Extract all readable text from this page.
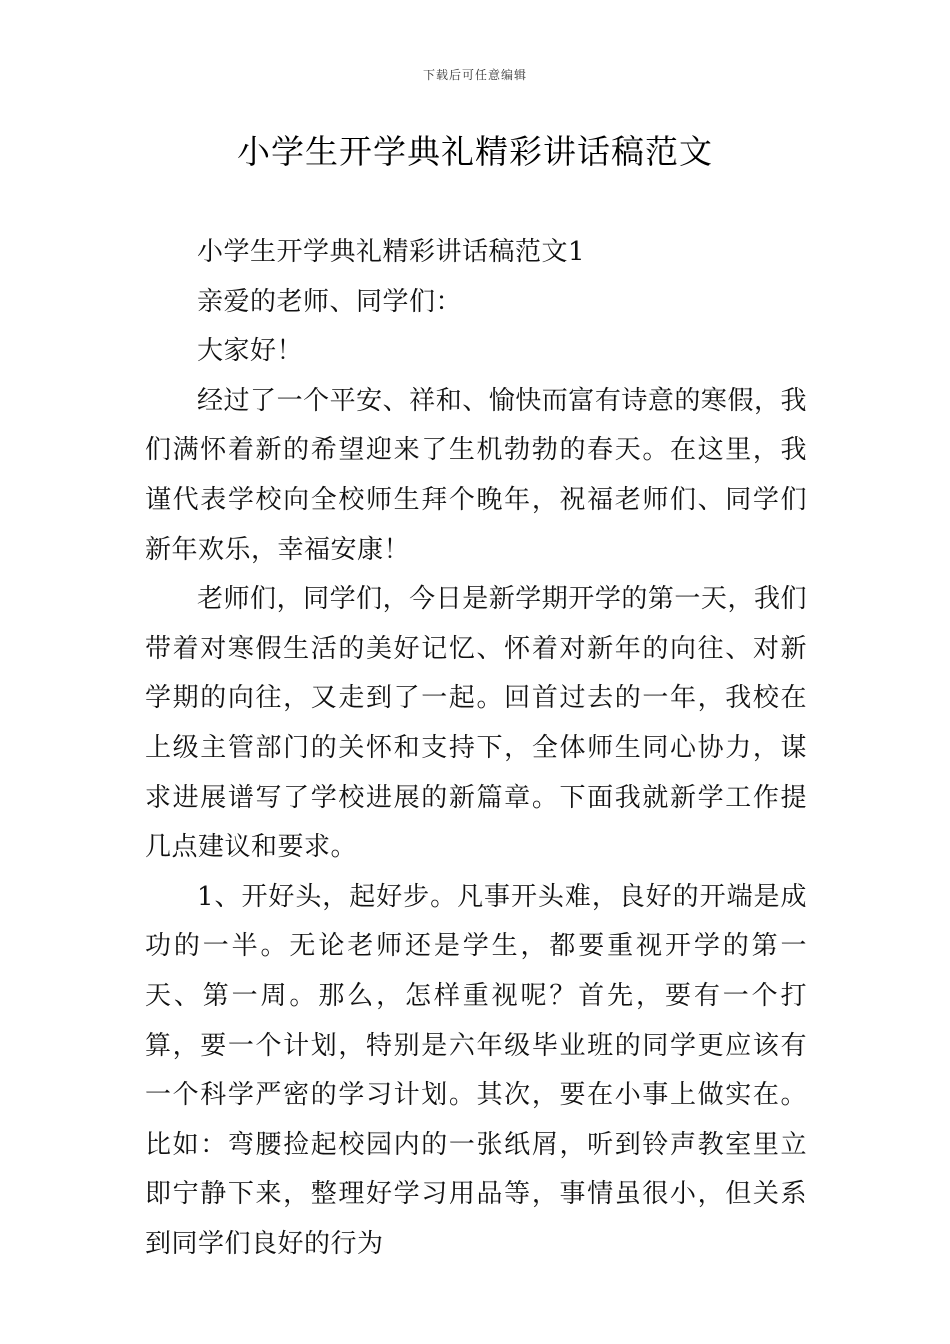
下载后可任意编辑
小学生开学典礼精彩讲话稿范文

小学生开学典礼精彩讲话稿范文1

亲爱的老师、同学们：

大家好！

经过了一个平安、祥和、愉快而富有诗意的寒假，我们满怀着新的希望迎来了生机勃勃的春天。在这里，我谨代表学校向全校师生拜个晚年，祝福老师们、同学们新年欢乐，幸福安康！

老师们，同学们，今日是新学期开学的第一天，我们带着对寒假生活的美好记忆、怀着对新年的向往、对新学期的向往，又走到了一起。回首过去的一年，我校在上级主管部门的关怀和支持下，全体师生同心协力，谋求进展谱写了学校进展的新篇章。下面我就新学工作提几点建议和要求。

1、开好头，起好步。凡事开头难，良好的开端是成功的一半。无论老师还是学生，都要重视开学的第一天、第一周。那么，怎样重视呢？首先，要有一个打算，要一个计划，特别是六年级毕业班的同学更应该有一个科学严密的学习计划。其次，要在小事上做实在。比如：弯腰捡起校园内的一张纸屑，听到铃声教室里立即宁静下来，整理好学习用品等，事情虽很小，但关系到同学们良好的行为
